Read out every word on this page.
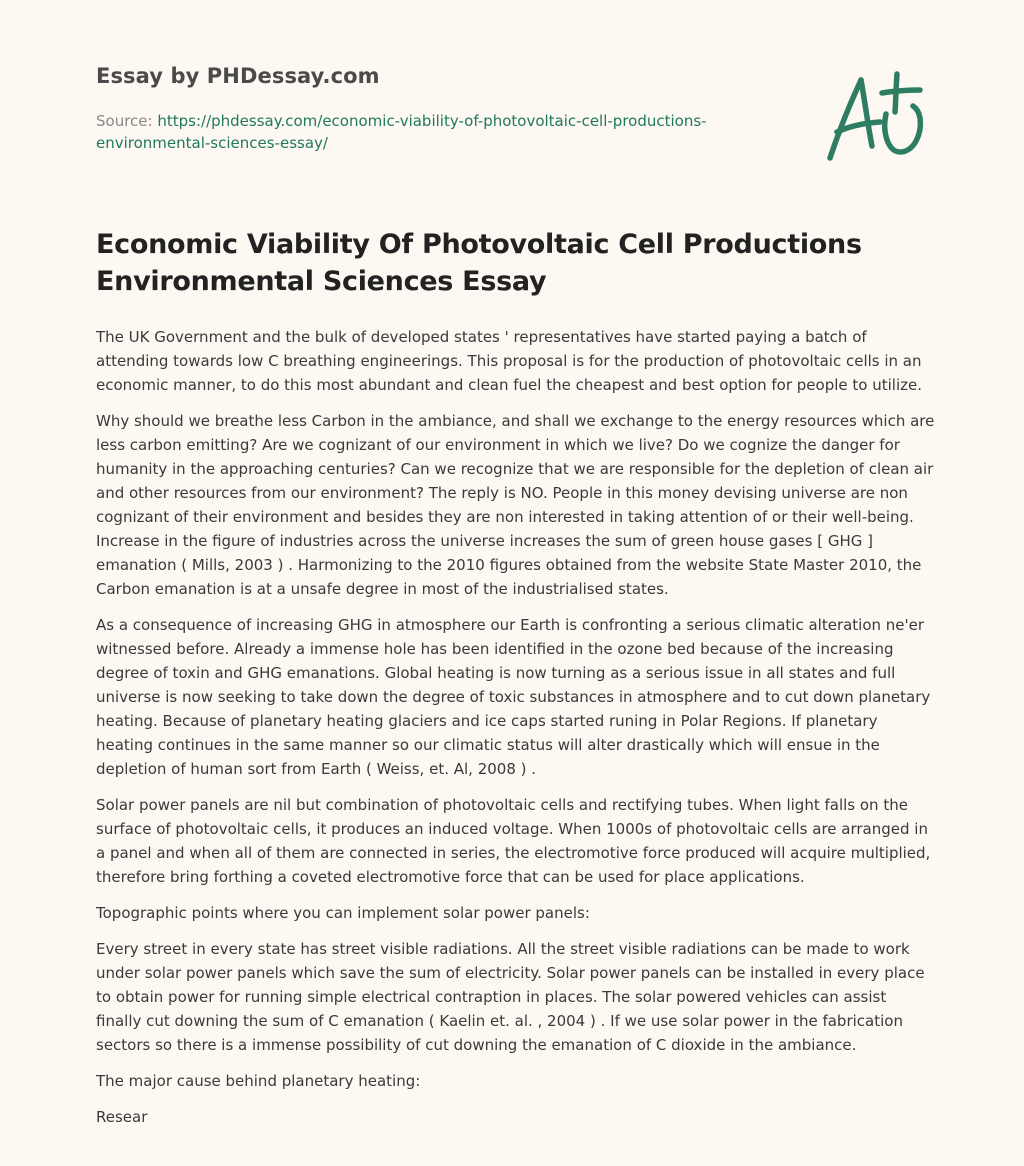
Essay by PHDessay.com
Source: https://phdessay.com/economic-viability-of-photovoltaic-cell-productions-environmental-sciences-essay/
Economic Viability Of Photovoltaic Cell Productions Environmental Sciences Essay

The UK Government and the bulk of developed states ' representatives have started paying a batch of attending towards low C breathing engineerings. This proposal is for the production of photovoltaic cells in an economic manner, to do this most abundant and clean fuel the cheapest and best option for people to utilize.

Why should we breathe less Carbon in the ambiance, and shall we exchange to the energy resources which are less carbon emitting? Are we cognizant of our environment in which we live? Do we cognize the danger for humanity in the approaching centuries? Can we recognize that we are responsible for the depletion of clean air and other resources from our environment? The reply is NO. People in this money devising universe are non cognizant of their environment and besides they are non interested in taking attention of or their well-being. Increase in the figure of industries across the universe increases the sum of green house gases [ GHG ] emanation ( Mills, 2003 ) . Harmonizing to the 2010 figures obtained from the website State Master 2010, the Carbon emanation is at a unsafe degree in most of the industrialised states.

As a consequence of increasing GHG in atmosphere our Earth is confronting a serious climatic alteration ne'er witnessed before. Already a immense hole has been identified in the ozone bed because of the increasing degree of toxin and GHG emanations. Global heating is now turning as a serious issue in all states and full universe is now seeking to take down the degree of toxic substances in atmosphere and to cut down planetary heating. Because of planetary heating glaciers and ice caps started runing in Polar Regions. If planetary heating continues in the same manner so our climatic status will alter drastically which will ensue in the depletion of human sort from Earth ( Weiss, et. Al, 2008 ) .

Solar power panels are nil but combination of photovoltaic cells and rectifying tubes. When light falls on the surface of photovoltaic cells, it produces an induced voltage. When 1000s of photovoltaic cells are arranged in a panel and when all of them are connected in series, the electromotive force produced will acquire multiplied, therefore bring forthing a coveted electromotive force that can be used for place applications.

Topographic points where you can implement solar power panels:

Every street in every state has street visible radiations. All the street visible radiations can be made to work under solar power panels which save the sum of electricity. Solar power panels can be installed in every place to obtain power for running simple electrical contraption in places. The solar powered vehicles can assist finally cut downing the sum of C emanation ( Kaelin et. al. , 2004 ) . If we use solar power in the fabrication sectors so there is a immense possibility of cut downing the emanation of C dioxide in the ambiance.

The major cause behind planetary heating:

Resear
